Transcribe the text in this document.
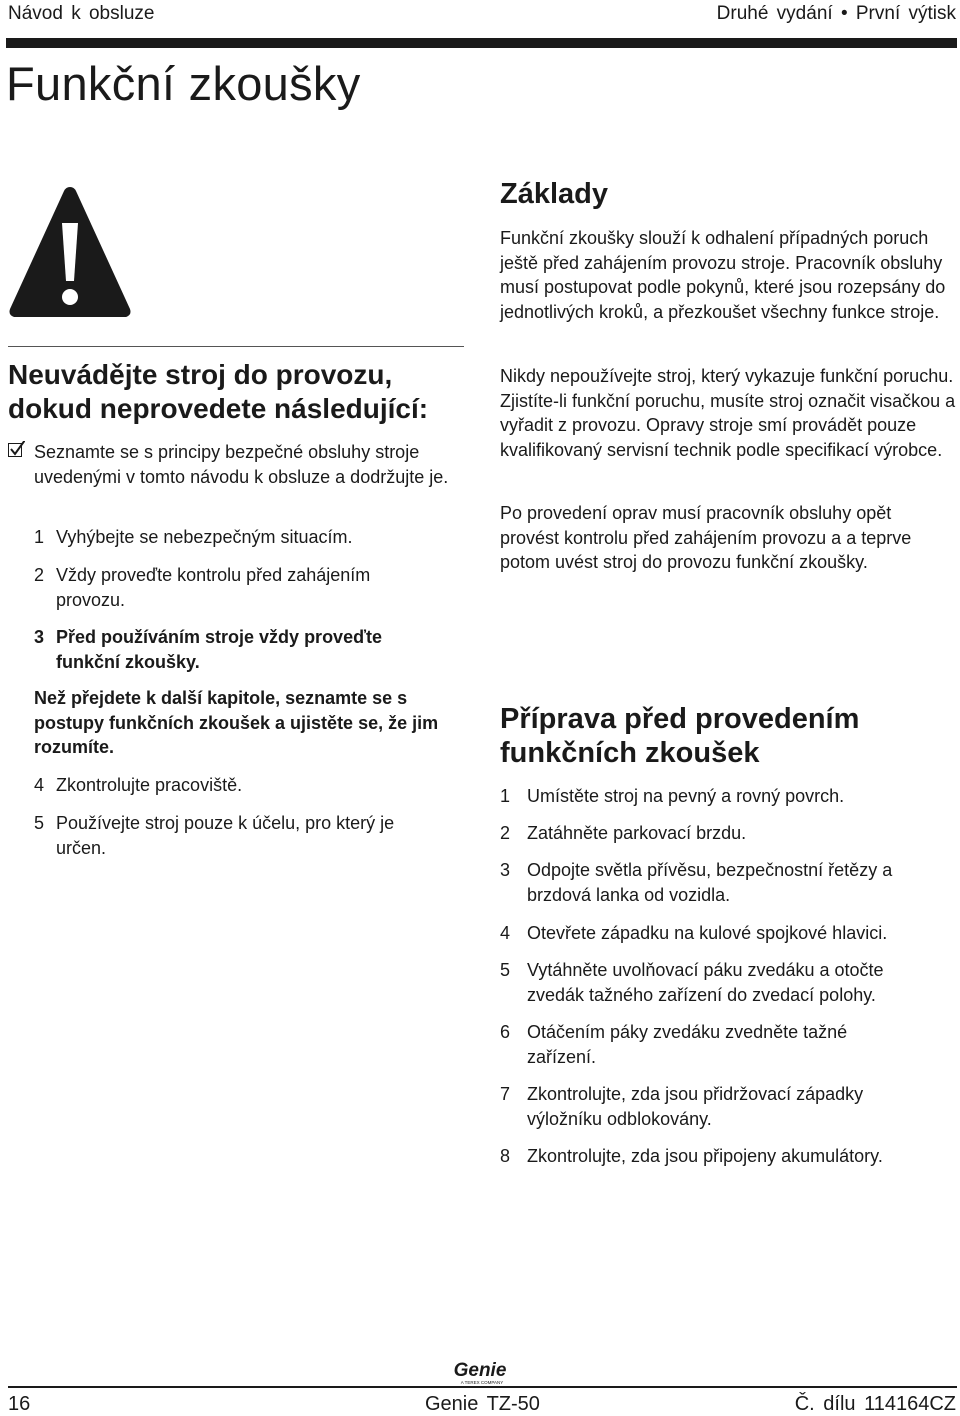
Návod k obsluze	Druhé vydání • První výtisk
Funkční zkoušky
Neuvádějte stroj do provozu,
dokud neprovedete následující:

Seznamte se s principy bezpečné obsluhy stroje uvedenými v tomto návodu k obsluze a dodržujte je.

1 Vyhýbejte se nebezpečným situacím.
2 Vždy proveďte kontrolu před zahájením provozu.
3 Před používáním stroje vždy proveďte funkční zkoušky.

Než přejdete k další kapitole, seznamte se s postupy funkčních zkoušek a ujistěte se, že jim rozumíte.

4 Zkontrolujte pracoviště.
5 Používejte stroj pouze k účelu, pro který je určen.
Základy

Funkční zkoušky slouží k odhalení případných poruch ještě před zahájením provozu stroje. Pracovník obsluhy musí postupovat podle pokynů, které jsou rozepsány do jednotlivých kroků, a přezkoušet všechny funkce stroje.

Nikdy nepoužívejte stroj, který vykazuje funkční poruchu. Zjistíte-li funkční poruchu, musíte stroj označit visačkou a vyřadit z provozu. Opravy stroje smí provádět pouze kvalifikovaný servisní technik podle specifikací výrobce.

Po provedení oprav musí pracovník obsluhy opět provést kontrolu před zahájením provozu a a teprve potom uvést stroj do provozu funkční zkoušky.

Příprava před provedením
funkčních zkoušek
1 Umístěte stroj na pevný a rovný povrch.
2 Zatáhněte parkovací brzdu.
3 Odpojte světla přívěsu, bezpečnostní řetězy a brzdová lanka od vozidla.
4 Otevřete západku na kulové spojkové hlavici.
5 Vytáhněte uvolňovací páku zvedáku a otočte zvedák tažného zařízení do zvedací polohy.
6 Otáčením páky zvedáku zvedněte tažné zařízení.
7 Zkontrolujte, zda jsou přidržovací západky výložníku odblokovány.
8 Zkontrolujte, zda jsou připojeny akumulátory.
Genie
A TEREX COMPANY
16	Genie TZ-50	Č. dílu 114164CZ
